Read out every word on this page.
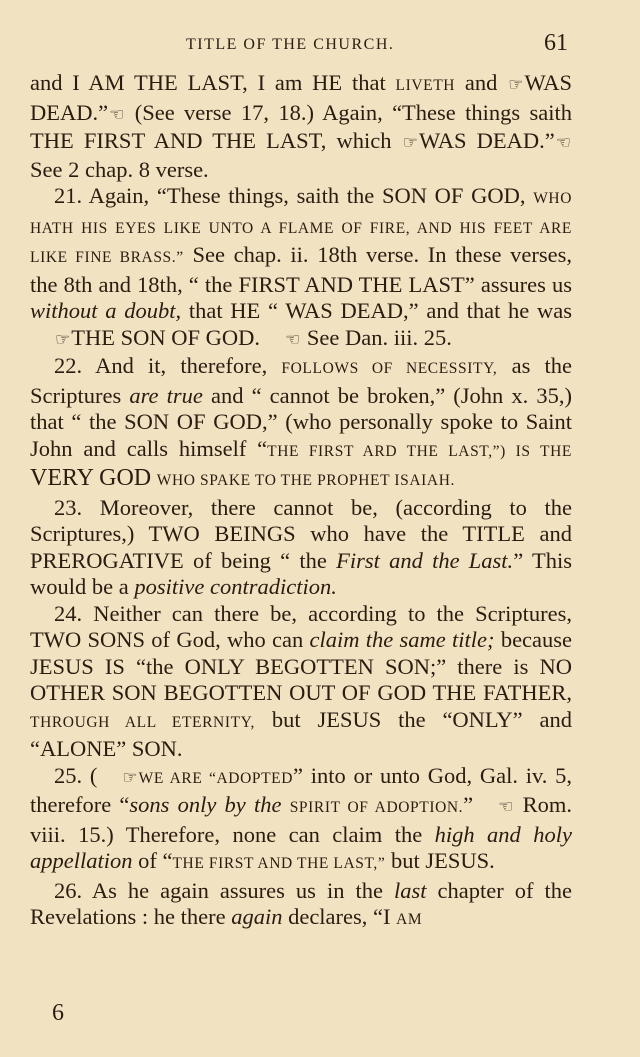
TITLE OF THE CHURCH.	61

and I AM THE LAST, I am HE that LIVETH and ☞WAS DEAD.”☜ (See verse 17, 18.) Again, “These things saith THE FIRST AND THE LAST, which ☞WAS DEAD.”☜ See 2 chap. 8 verse.

21. Again, “These things, saith the SON OF GOD, WHO HATH HIS EYES LIKE UNTO A FLAME OF FIRE, AND HIS FEET ARE LIKE FINE BRASS.” See chap. ii. 18th verse. In these verses, the 8th and 18th, “ the FIRST AND THE LAST” assures us without a doubt, that HE “ WAS DEAD,” and that he was☞THE SON OF GOD. ☜ See Dan. iii. 25.

22. And it, therefore, FOLLOWS OF NECESSITY, as the Scriptures are true and “ cannot be broken,” (John x. 35,) that “ the SON OF GOD,” (who personally spoke to Saint John and calls himself “THE FIRST ARD THE LAST,”) IS THE VERY GOD WHO SPAKE TO THE PROPHET ISAIAH.

23. Moreover, there cannot be, (according to the Scriptures,) TWO BEINGS who have the TITLE and PREROGATIVE of being “ the First and the Last.” This would be a positive contradiction.

24. Neither can there be, according to the Scriptures, TWO SONS of God, who can claim the same title; because JESUS IS “the ONLY BEGOTTEN SON;” there is NO OTHER SON BEGOTTEN OUT OF GOD THE FATHER, THROUGH ALL ETERNITY, but JESUS the “ONLY” and “ALONE” SON.

25. ( ☞WE ARE “ADOPTED” into or unto God, Gal. iv. 5, therefore “sons only by the SPIRIT OF ADOPTION.” ☜ Rom. viii. 15.) Therefore, none can claim the high and holy appellation of “THE FIRST AND THE LAST,” but JESUS.

26. As he again assures us in the last chapter of the Revelations : he there again declares, “I AM

6
